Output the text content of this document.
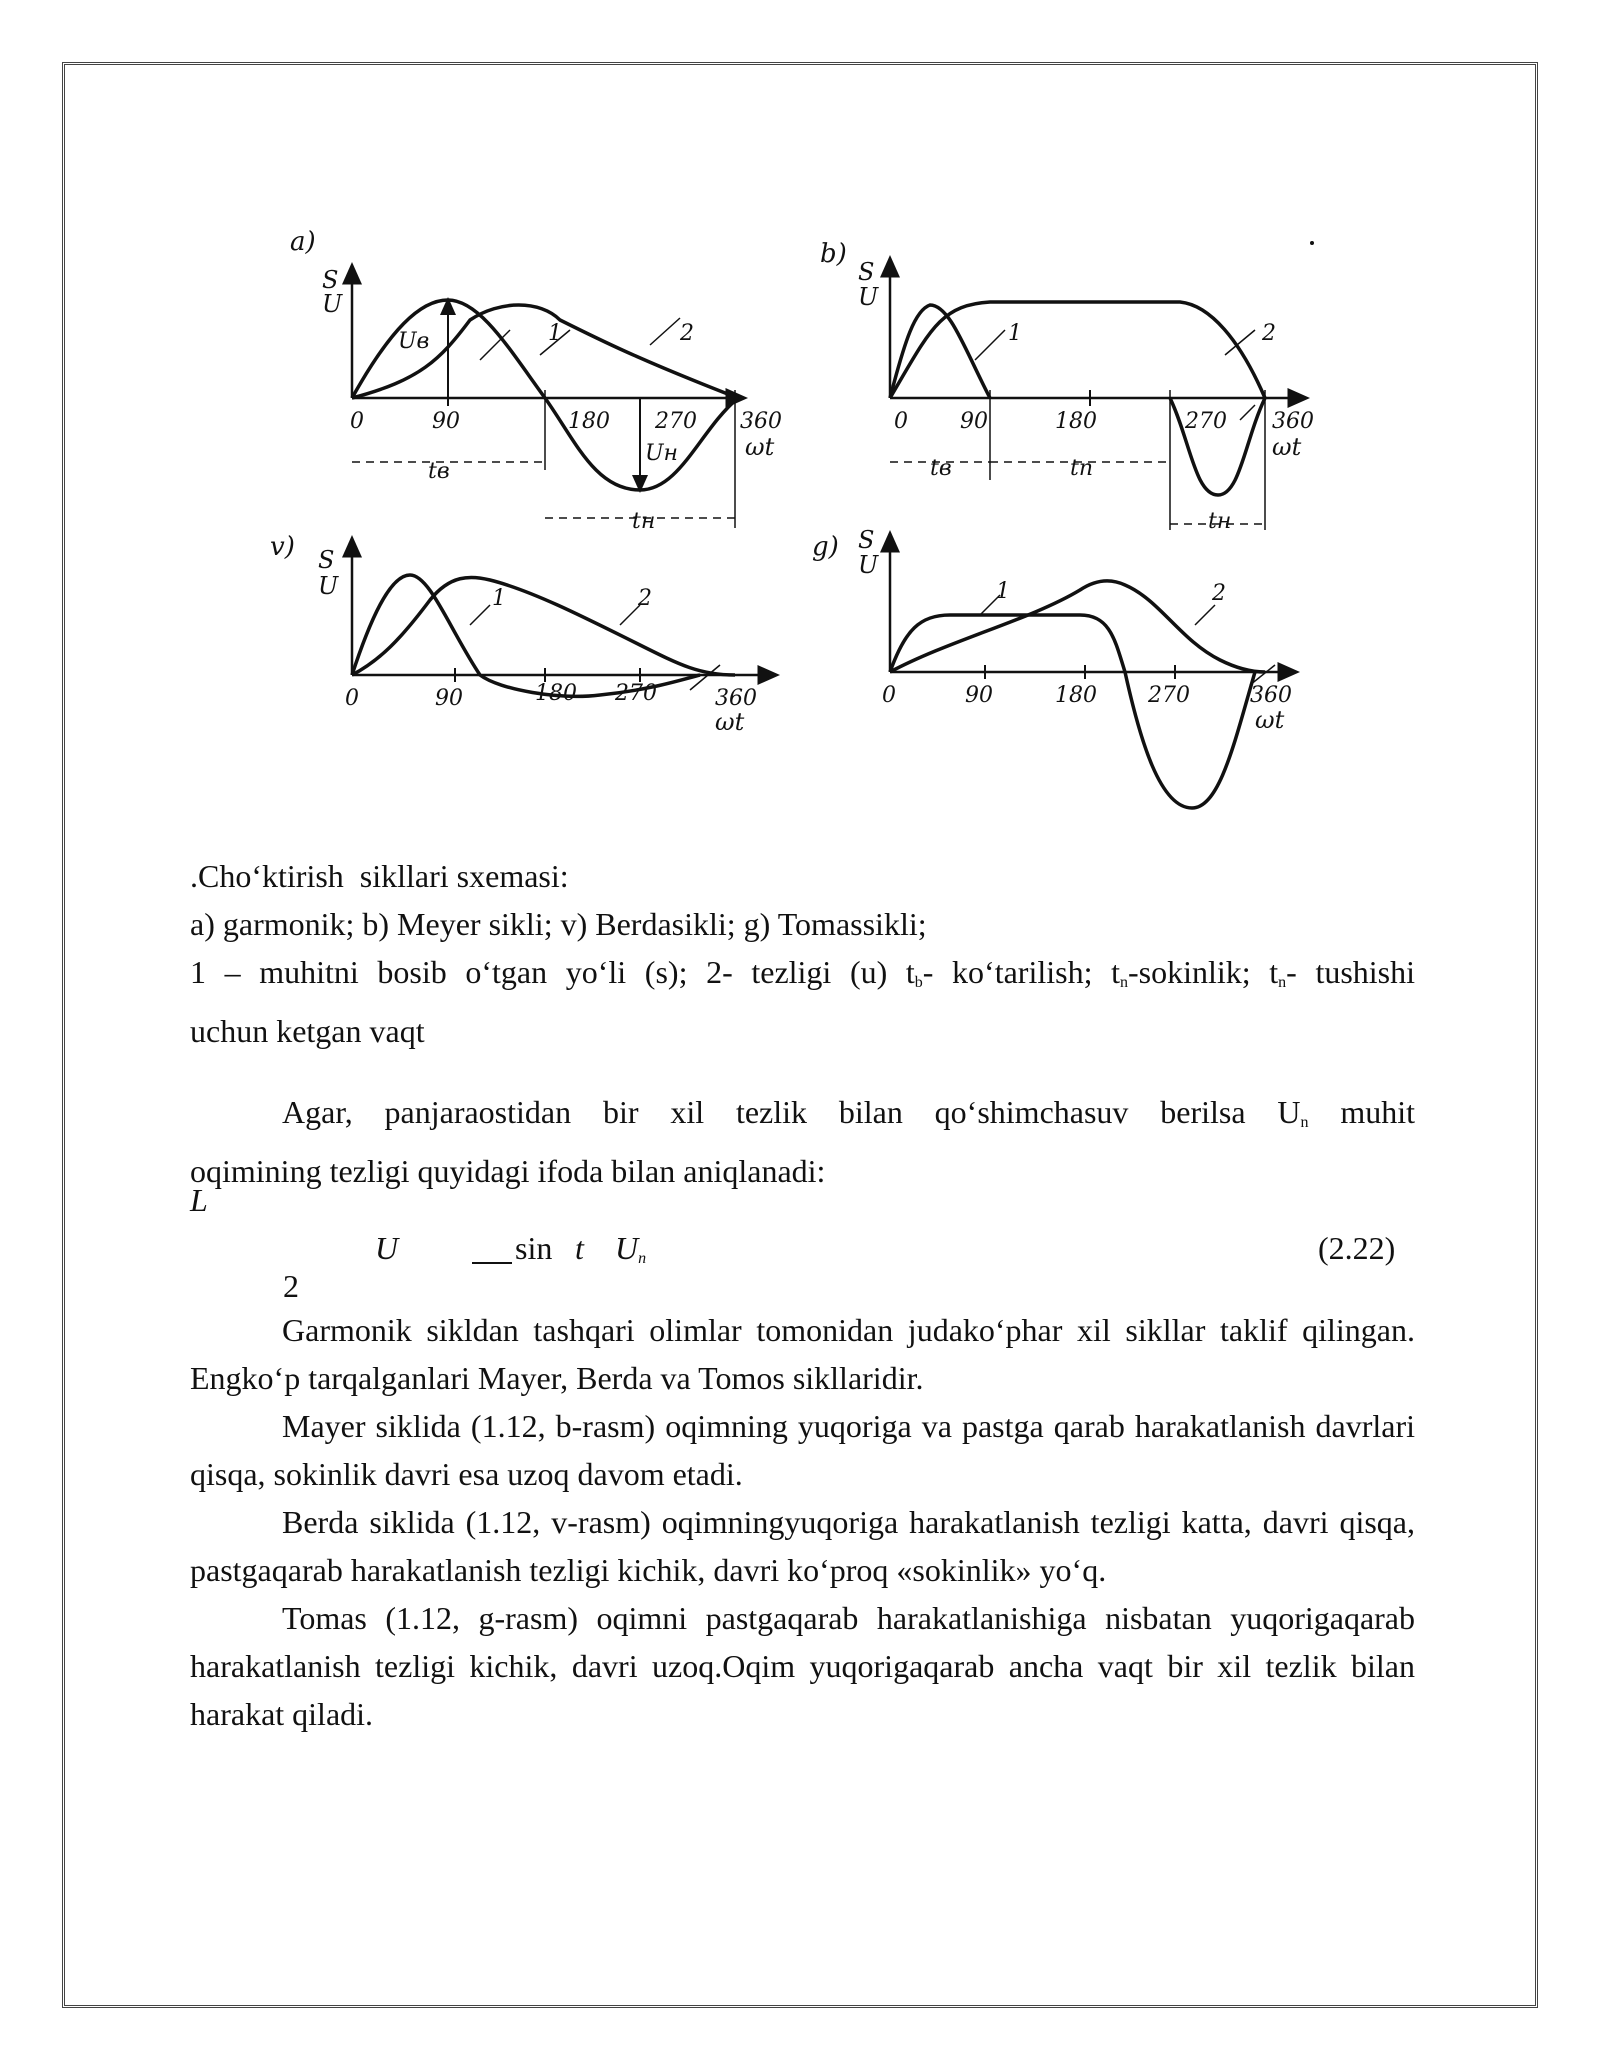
a)
S
U
Uв	1	2
0	90	180 270 360
ωt
Uн
tв
tн
b)
S
U
1	2
0 90	180	270 360
ωt
tв	tп
tн
v) S
U	1	2
0	90	180 270	360
ωt
g) S
U
1	2
0	90	180 270	360
ωt
.Cho‘ktirish  sikllari sxemasi:
a) garmonik; b) Meyer sikli; v) Berdasikli; g) Tomassikli;
1 – muhitni bosib o‘tgan yo‘li (s); 2- tezligi (u) $t_b-$ ko‘tarilish; $t_n$-sokinlik; $t_n-$ tushishi
uchun ketgan vaqt
Agar, panjaraostidan bir xil tezlik bilan qo‘shimchasuv berilsa $U_n$ muhit
oqimining tezligi quyidagi ifoda bilan aniqlanadi:
L
U	sin t $U_n$	(2.22)
2
Garmonik sikldan tashqari olimlar tomonidan judako‘phar xil sikllar taklif qilingan. Engko‘p tarqalganlari Mayer, Berda va Tomos sikllaridir.
Mayer siklida (1.12, b-rasm) oqimning yuqoriga va pastga qarab harakatlanish davrlari qisqa, sokinlik davri esa uzoq davom etadi.
Berda siklida (1.12, v-rasm) oqimningyuqoriga harakatlanish tezligi katta, davri qisqa, pastgaqarab harakatlanish tezligi kichik, davri ko‘proq «sokinlik» yo‘q.
Tomas (1.12, g-rasm) oqimni pastgaqarab harakatlanishiga nisbatan yuqorigaqarab harakatlanish tezligi kichik, davri uzoq.Oqim yuqorigaqarab ancha vaqt bir xil tezlik bilan harakat qiladi.
